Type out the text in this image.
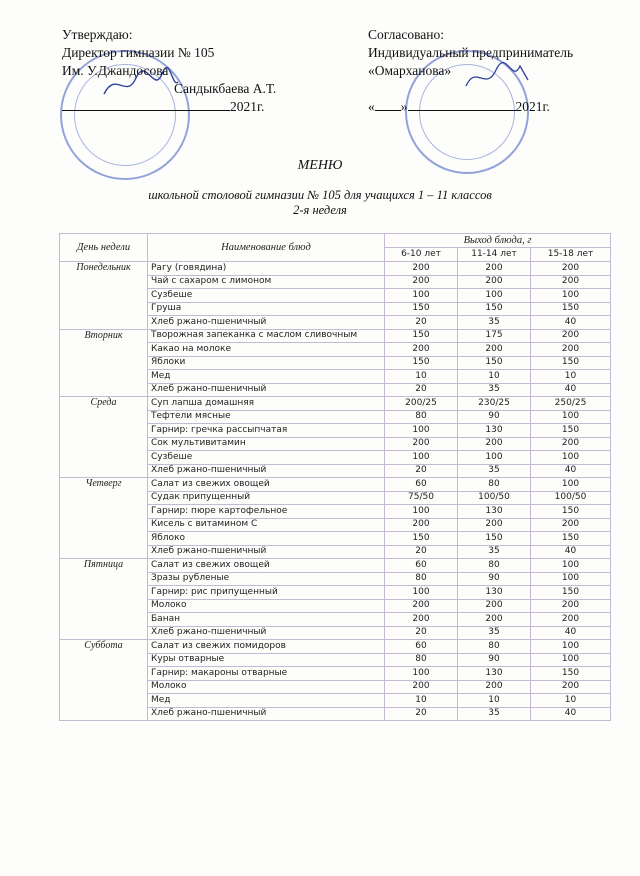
Утверждаю:
Директор гимназии № 105
Им. У.Джандосова
Сандыкбаева А.Т.
2021г.
Согласовано:
Индивидуальный предприниматель
«Омарханова»
« »	2021г.
МЕНЮ
школьной столовой гимназии № 105 для учащихся 1 – 11 классов
2-я неделя
День недели	Наименование блюд	Выход блюда, г		
		6-10 лет	11-14 лет	15-18 лет
Понедельник	Рагу (говядина)	200	200	200
	Чай с сахаром с лимоном	200	200	200
	Сузбеше	100	100	100
	Груша	150	150	150
	Хлеб ржано-пшеничный	20	35	40
Вторник	Творожная запеканка с маслом сливочным	150	175	200
	Какао на молоке	200	200	200
	Яблоки	150	150	150
	Мед	10	10	10
	Хлеб ржано-пшеничный	20	35	40
Среда	Суп лапша домашняя	200/25	230/25	250/25
	Тефтели мясные	80	90	100
	Гарнир: гречка рассыпчатая	100	130	150
	Сок мультивитамин	200	200	200
	Сузбеше	100	100	100
	Хлеб ржано-пшеничный	20	35	40
Четверг	Салат из свежих овощей	60	80	100
	Судак припущенный	75/50	100/50	100/50
	Гарнир: пюре картофельное	100	130	150
	Кисель с витамином С	200	200	200
	Яблоко	150	150	150
	Хлеб ржано-пшеничный	20	35	40
Пятница	Салат из свежих овощей	60	80	100
	Зразы рубленые	80	90	100
	Гарнир: рис припущенный	100	130	150
	Молоко	200	200	200
	Банан	200	200	200
	Хлеб ржано-пшеничный	20	35	40
Суббота	Салат из свежих помидоров	60	80	100
	Куры отварные	80	90	100
	Гарнир: макароны отварные	100	130	150
	Молоко	200	200	200
	Мед	10	10	10
	Хлеб ржано-пшеничный	20	35	40
